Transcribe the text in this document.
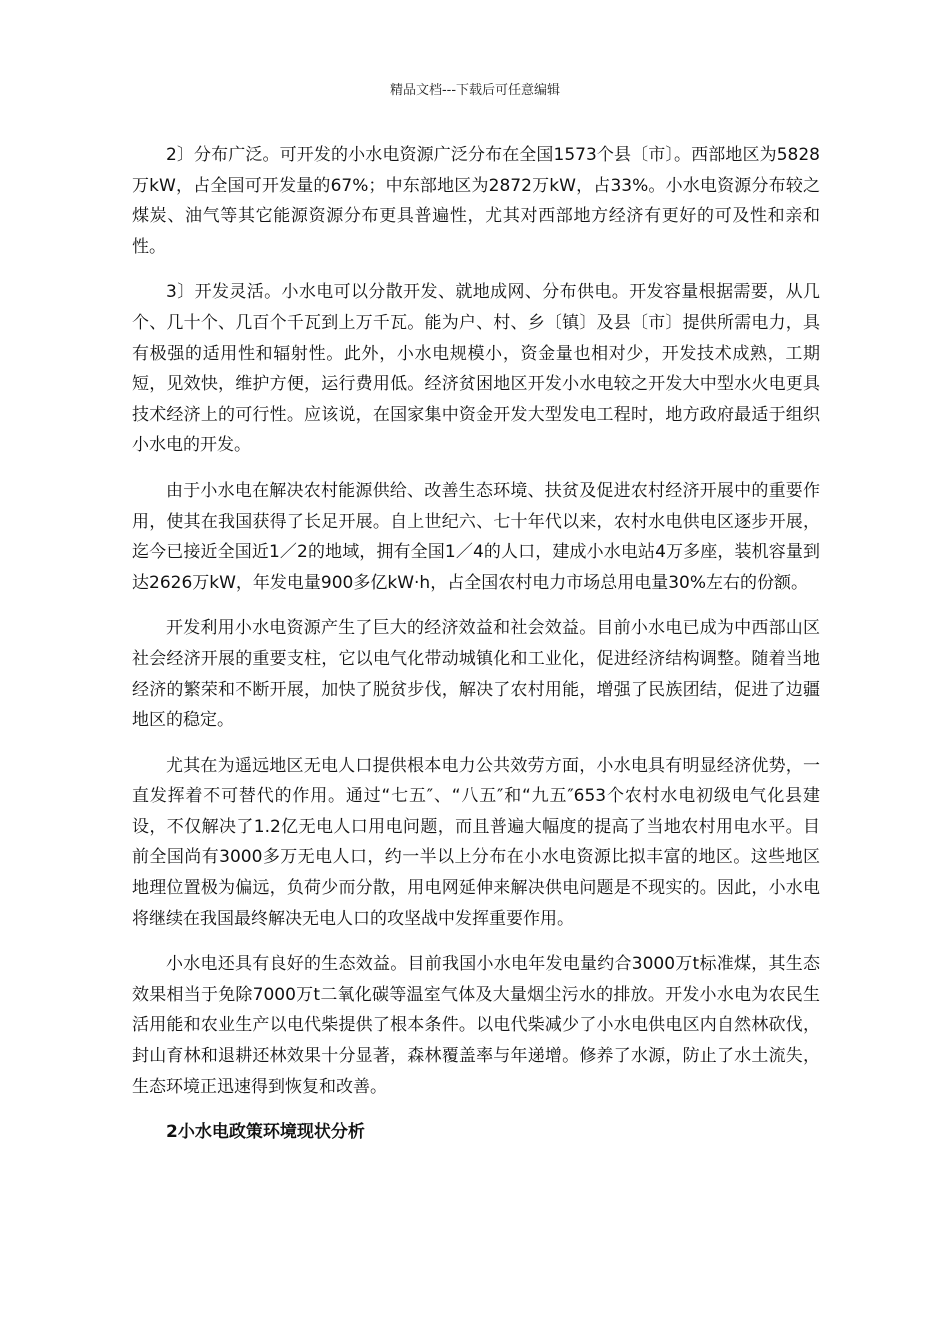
精品文档---下载后可任意编辑

2〕分布广泛。可开发的小水电资源广泛分布在全国1573个县〔市〕。西部地区为5828万kW，占全国可开发量的67%；中东部地区为2872万kW，占33%。小水电资源分布较之煤炭、油气等其它能源资源分布更具普遍性，尤其对西部地方经济有更好的可及性和亲和性。

3〕开发灵活。小水电可以分散开发、就地成网、分布供电。开发容量根据需要，从几个、几十个、几百个千瓦到上万千瓦。能为户、村、乡〔镇〕及县〔市〕提供所需电力，具有极强的适用性和辐射性。此外，小水电规模小，资金量也相对少，开发技术成熟，工期短，见效快，维护方便，运行费用低。经济贫困地区开发小水电较之开发大中型水火电更具技术经济上的可行性。应该说，在国家集中资金开发大型发电工程时，地方政府最适于组织小水电的开发。

由于小水电在解决农村能源供给、改善生态环境、扶贫及促进农村经济开展中的重要作用，使其在我国获得了长足开展。自上世纪六、七十年代以来，农村水电供电区逐步开展，迄今已接近全国近1／2的地域，拥有全国1／4的人口，建成小水电站4万多座，装机容量到达2626万kW，年发电量900多亿kW·h，占全国农村电力市场总用电量30%左右的份额。

开发利用小水电资源产生了巨大的经济效益和社会效益。目前小水电已成为中西部山区社会经济开展的重要支柱，它以电气化带动城镇化和工业化，促进经济结构调整。随着当地经济的繁荣和不断开展，加快了脱贫步伐，解决了农村用能，增强了民族团结，促进了边疆地区的稳定。

尤其在为遥远地区无电人口提供根本电力公共效劳方面，小水电具有明显经济优势，一直发挥着不可替代的作用。通过“七五″、“八五″和“九五″653个农村水电初级电气化县建设，不仅解决了1.2亿无电人口用电问题，而且普遍大幅度的提高了当地农村用电水平。目前全国尚有3000多万无电人口，约一半以上分布在小水电资源比拟丰富的地区。这些地区地理位置极为偏远，负荷少而分散，用电网延伸来解决供电问题是不现实的。因此，小水电将继续在我国最终解决无电人口的攻坚战中发挥重要作用。

小水电还具有良好的生态效益。目前我国小水电年发电量约合3000万t标准煤，其生态效果相当于免除7000万t二氧化碳等温室气体及大量烟尘污水的排放。开发小水电为农民生活用能和农业生产以电代柴提供了根本条件。以电代柴减少了小水电供电区内自然林砍伐，封山育林和退耕还林效果十分显著，森林覆盖率与年递增。修养了水源，防止了水土流失，生态环境正迅速得到恢复和改善。

2小水电政策环境现状分析
